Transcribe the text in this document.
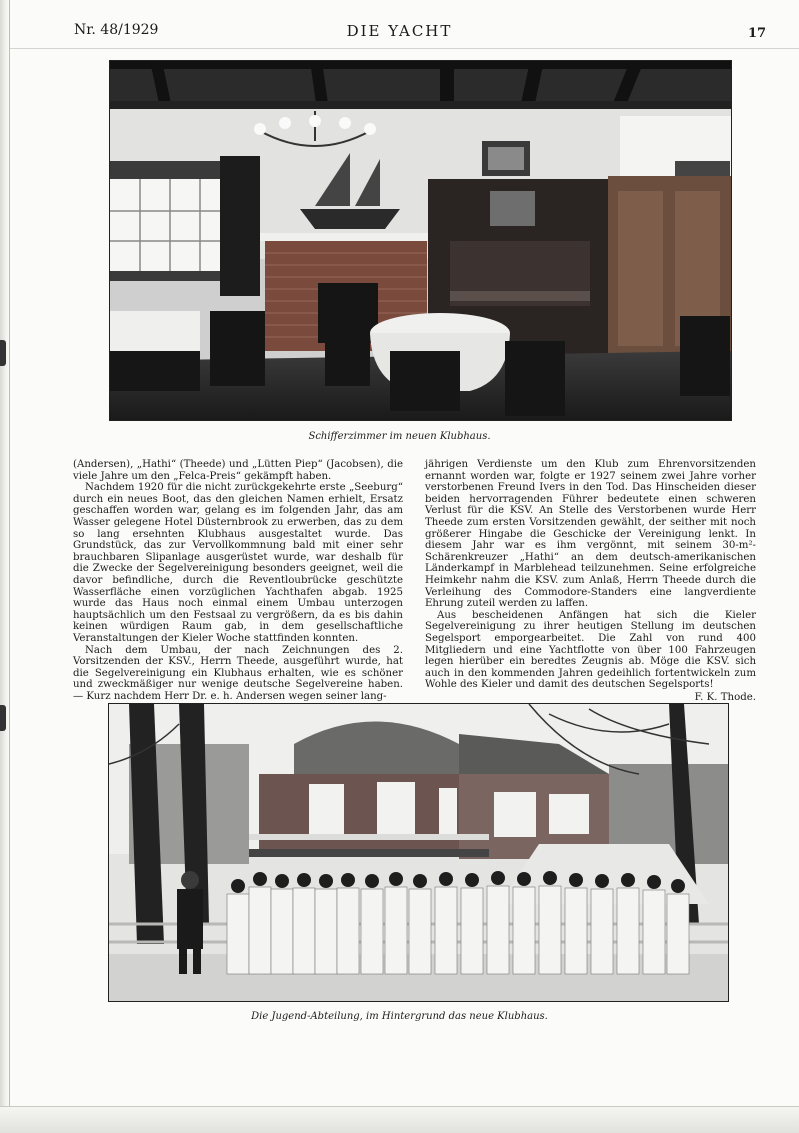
Nr. 48/1929	DIE YACHT	17
Schifferzimmer im neuen Klubhaus.

(Andersen), „Hathi“ (Theede) und „Lütten Piep“ (Jacobsen), die viele Jahre um den „Felca-Preis“ gekämpft haben.

Nachdem 1920 für die nicht zurückgekehrte erste „Seeburg“ durch ein neues Boot, das den gleichen Namen erhielt, Ersatz geschaffen worden war, gelang es im folgenden Jahr, das am Wasser gelegene Hotel Düsternbrook zu erwerben, das zu dem so lang ersehnten Klubhaus ausgestaltet wurde. Das Grundstück, das zur Vervollkommnung bald mit einer sehr brauchbaren Slipanlage ausgerüstet wurde, war deshalb für die Zwecke der Segelvereinigung besonders geeignet, weil die davor befindliche, durch die Reventloubrücke geschützte Wasserfläche einen vorzüglichen Yachthafen abgab. 1925 wurde das Haus noch einmal einem Umbau unterzogen hauptsächlich um den Festsaal zu vergrößern, da es bis dahin keinen würdigen Raum gab, in dem gesellschaftliche Veranstaltungen der Kieler Woche stattfinden konnten.

Nach dem Umbau, der nach Zeichnungen des 2. Vorsitzenden der KSV., Herrn Theede, ausgeführt wurde, hat die Segelvereinigung ein Klubhaus erhalten, wie es schöner und zweckmäßiger nur wenige deutsche Segelvereine haben. — Kurz nachdem Herr Dr. e. h. Andersen wegen seiner lang-

jährigen Verdienste um den Klub zum Ehrenvorsitzenden ernannt worden war, folgte er 1927 seinem zwei Jahre vorher verstorbenen Freund Ivers in den Tod. Das Hinscheiden dieser beiden hervorragenden Führer bedeutete einen schweren Verlust für die KSV. An Stelle des Verstorbenen wurde Herr Theede zum ersten Vorsitzenden gewählt, der seither mit noch größerer Hingabe die Geschicke der Vereinigung lenkt. In diesem Jahr war es ihm vergönnt, mit seinem 30-m²-Schärenkreuzer „Hathi“ an dem deutsch-amerikanischen Länderkampf in Marblehead teilzunehmen. Seine erfolgreiche Heimkehr nahm die KSV. zum Anlaß, Herrn Theede durch die Verleihung des Commodore-Standers eine langverdiente Ehrung zuteil werden zu laffen.

Aus bescheidenen Anfängen hat sich die Kieler Segelvereinigung zu ihrer heutigen Stellung im deutschen Segelsport emporgearbeitet. Die Zahl von rund 400 Mitgliedern und eine Yachtflotte von über 100 Fahrzeugen legen hierüber ein beredtes Zeugnis ab. Möge die KSV. sich auch in den kommenden Jahren gedeihlich fortentwickeln zum Wohle des Kieler und damit des deutschen Segelsports!

F. K. Thode.
Die Jugend-Abteilung, im Hintergrund das neue Klubhaus.
